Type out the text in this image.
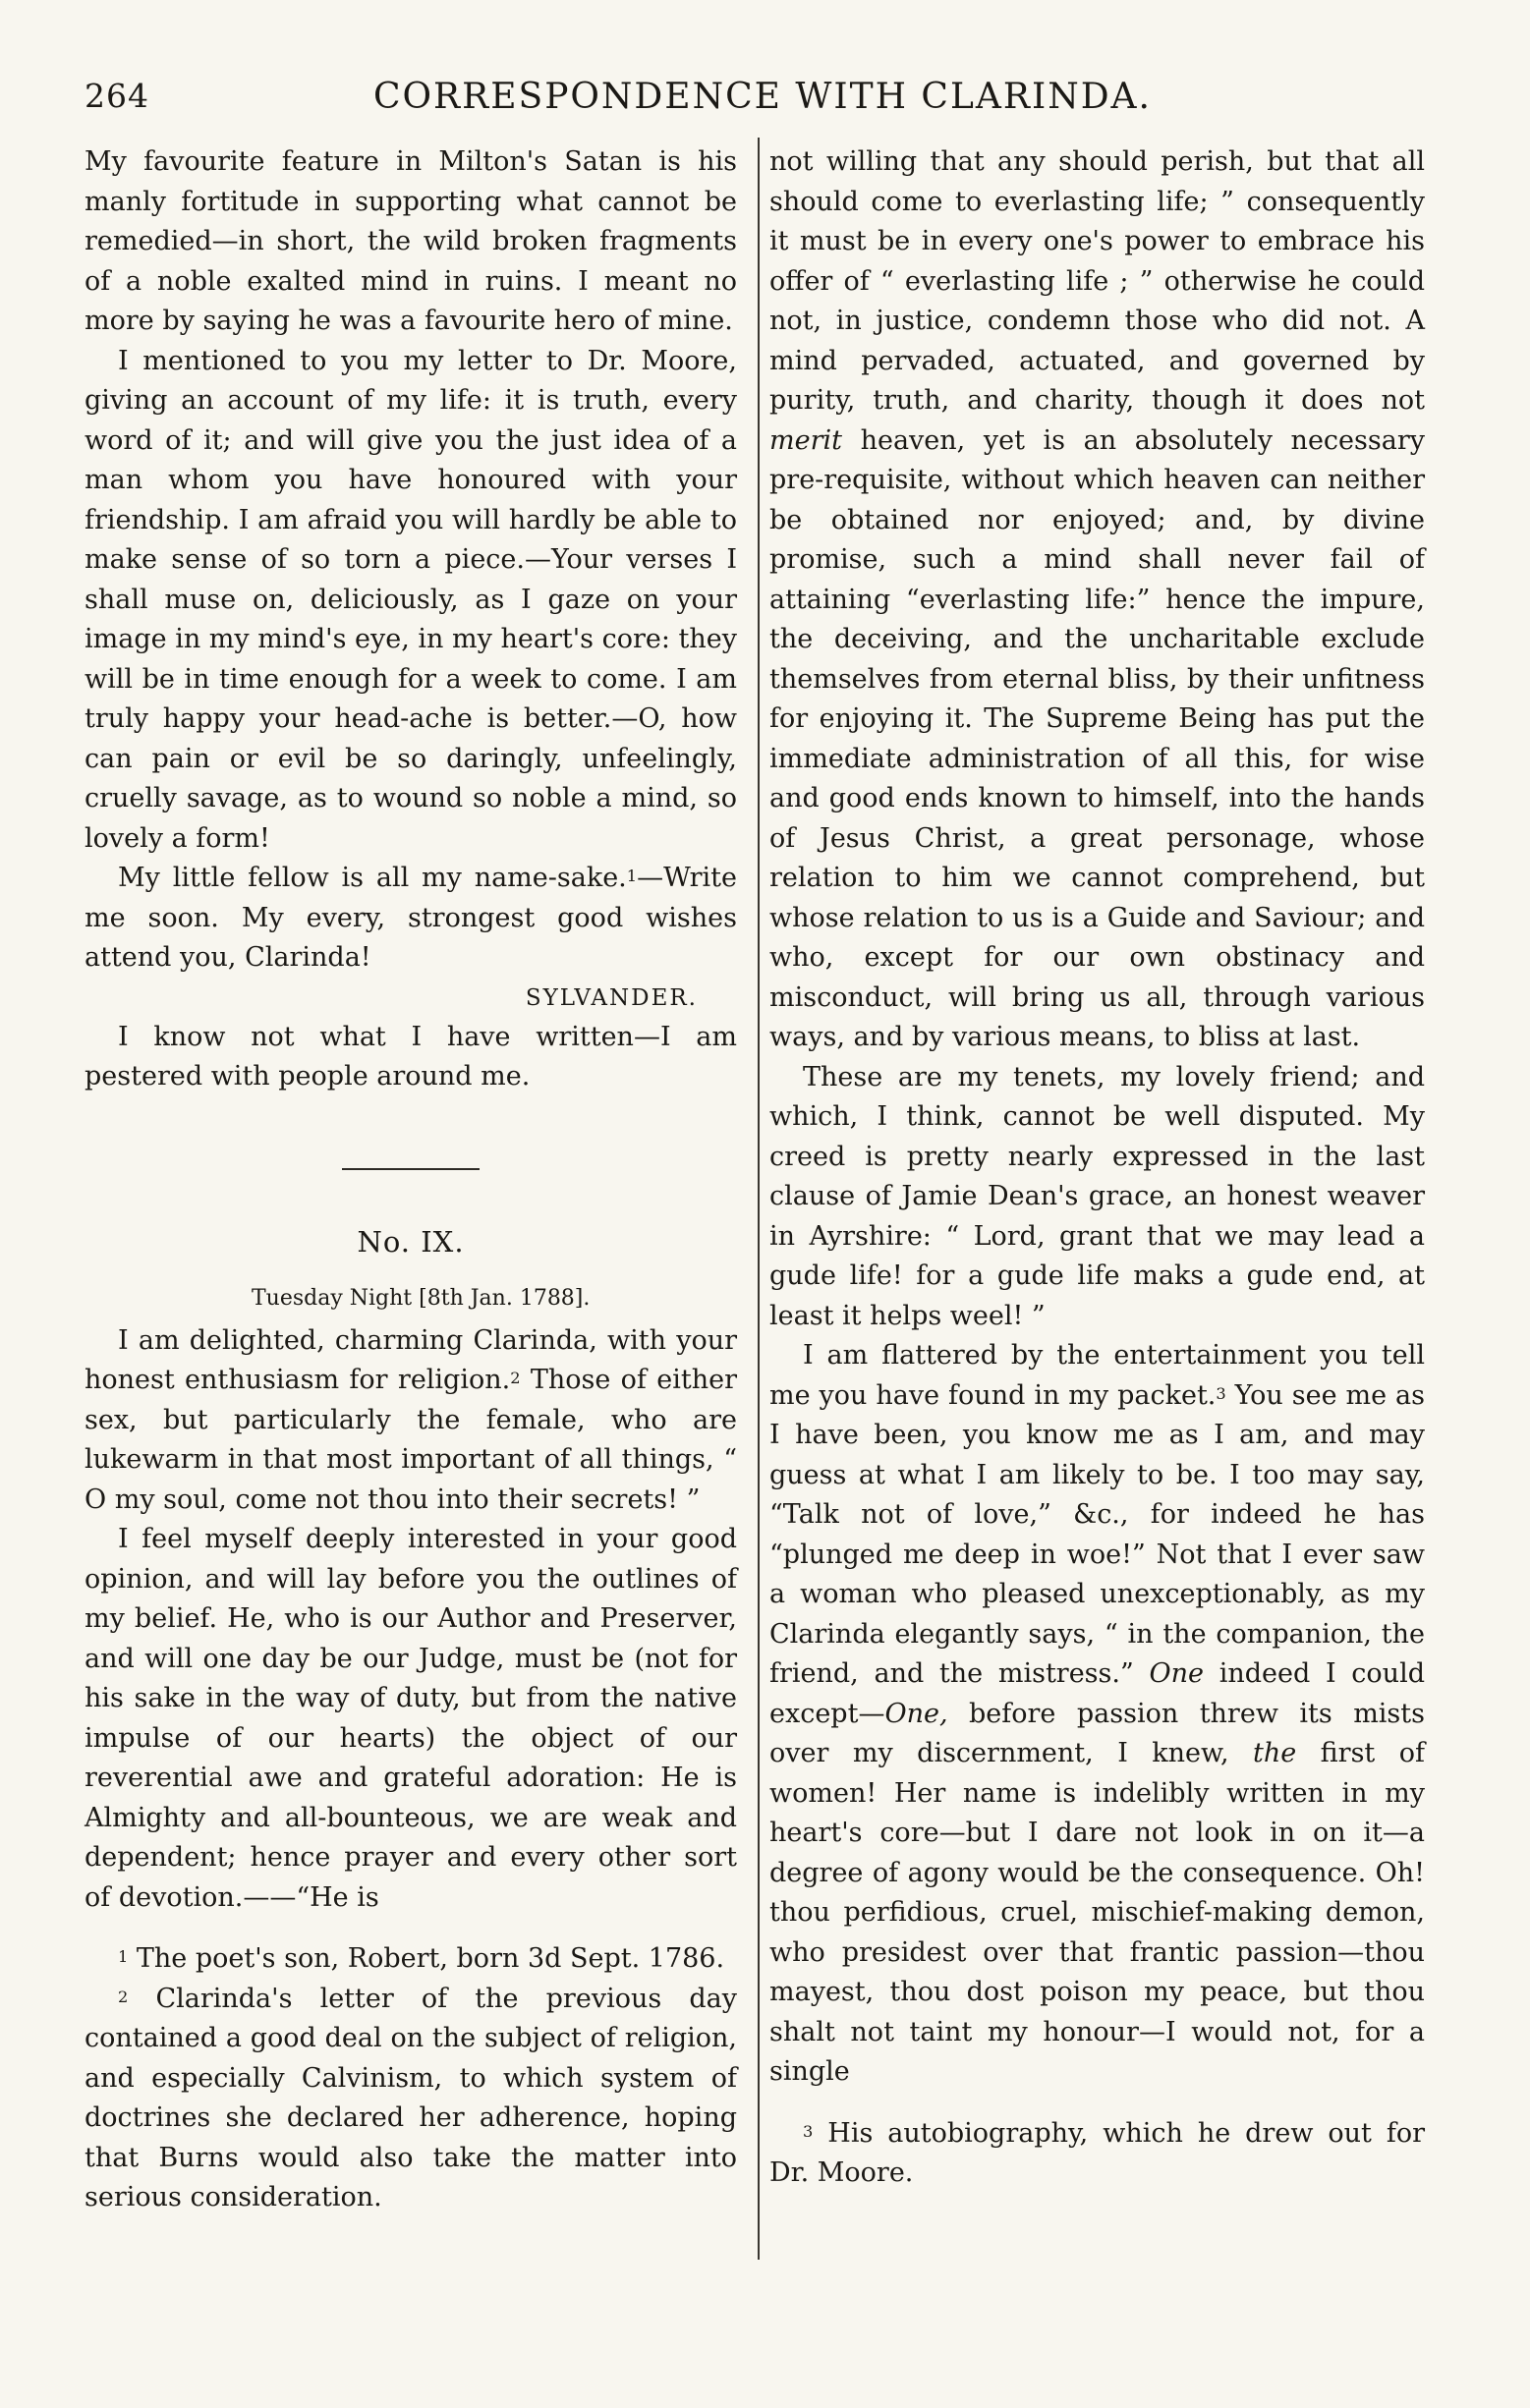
264	CORRESPONDENCE WITH CLARINDA.

My favourite feature in Milton's Satan is his manly fortitude in supporting what cannot be remedied—in short, the wild broken fragments of a noble exalted mind in ruins. I meant no more by saying he was a favourite hero of mine.

I mentioned to you my letter to Dr. Moore, giving an account of my life: it is truth, every word of it; and will give you the just idea of a man whom you have honoured with your friendship. I am afraid you will hardly be able to make sense of so torn a piece.—Your verses I shall muse on, deliciously, as I gaze on your image in my mind's eye, in my heart's core: they will be in time enough for a week to come. I am truly happy your head-ache is better.—O, how can pain or evil be so daringly, unfeelingly, cruelly savage, as to wound so noble a mind, so lovely a form!

My little fellow is all my name-sake.$^1$—Write me soon. My every, strongest good wishes attend you, Clarinda!

SYLVANDER.

I know not what I have written—I am pestered with people around me.

No. IX.
Tuesday Night [8th Jan. 1788].

I am delighted, charming Clarinda, with your honest enthusiasm for religion.$^2$ Those of either sex, but particularly the female, who are lukewarm in that most important of all things, “ O my soul, come not thou into their secrets! ”

I feel myself deeply interested in your good opinion, and will lay before you the outlines of my belief. He, who is our Author and Preserver, and will one day be our Judge, must be (not for his sake in the way of duty, but from the native impulse of our hearts) the object of our reverential awe and grateful adoration: He is Almighty and all-bounteous, we are weak and dependent; hence prayer and every other sort of devotion.——“He is

$^1$ The poet's son, Robert, born 3d Sept. 1786.

$^2$ Clarinda's letter of the previous day contained a good deal on the subject of religion, and especially Calvinism, to which system of doctrines she declared her adherence, hoping that Burns would also take the matter into serious consideration.

not willing that any should perish, but that all should come to everlasting life; ” consequently it must be in every one's power to embrace his offer of “ everlasting life ; ” otherwise he could not, in justice, condemn those who did not. A mind pervaded, actuated, and governed by purity, truth, and charity, though it does not merit heaven, yet is an absolutely necessary pre-requisite, without which heaven can neither be obtained nor enjoyed; and, by divine promise, such a mind shall never fail of attaining “everlasting life:” hence the impure, the deceiving, and the uncharitable exclude themselves from eternal bliss, by their unfitness for enjoying it. The Supreme Being has put the immediate administration of all this, for wise and good ends known to himself, into the hands of Jesus Christ, a great personage, whose relation to him we cannot comprehend, but whose relation to us is a Guide and Saviour; and who, except for our own obstinacy and misconduct, will bring us all, through various ways, and by various means, to bliss at last.

These are my tenets, my lovely friend; and which, I think, cannot be well disputed. My creed is pretty nearly expressed in the last clause of Jamie Dean's grace, an honest weaver in Ayrshire: “ Lord, grant that we may lead a gude life! for a gude life maks a gude end, at least it helps weel! ”

I am flattered by the entertainment you tell me you have found in my packet.$^3$ You see me as I have been, you know me as I am, and may guess at what I am likely to be. I too may say, “Talk not of love,” &c., for indeed he has “plunged me deep in woe!” Not that I ever saw a woman who pleased unexceptionably, as my Clarinda elegantly says, “ in the companion, the friend, and the mistress.” One indeed I could except—One, before passion threw its mists over my discernment, I knew, the first of women! Her name is indelibly written in my heart's core—but I dare not look in on it—a degree of agony would be the consequence. Oh! thou perfidious, cruel, mischief-making demon, who presidest over that frantic passion—thou mayest, thou dost poison my peace, but thou shalt not taint my honour—I would not, for a single

$^3$ His autobiography, which he drew out for Dr. Moore.
